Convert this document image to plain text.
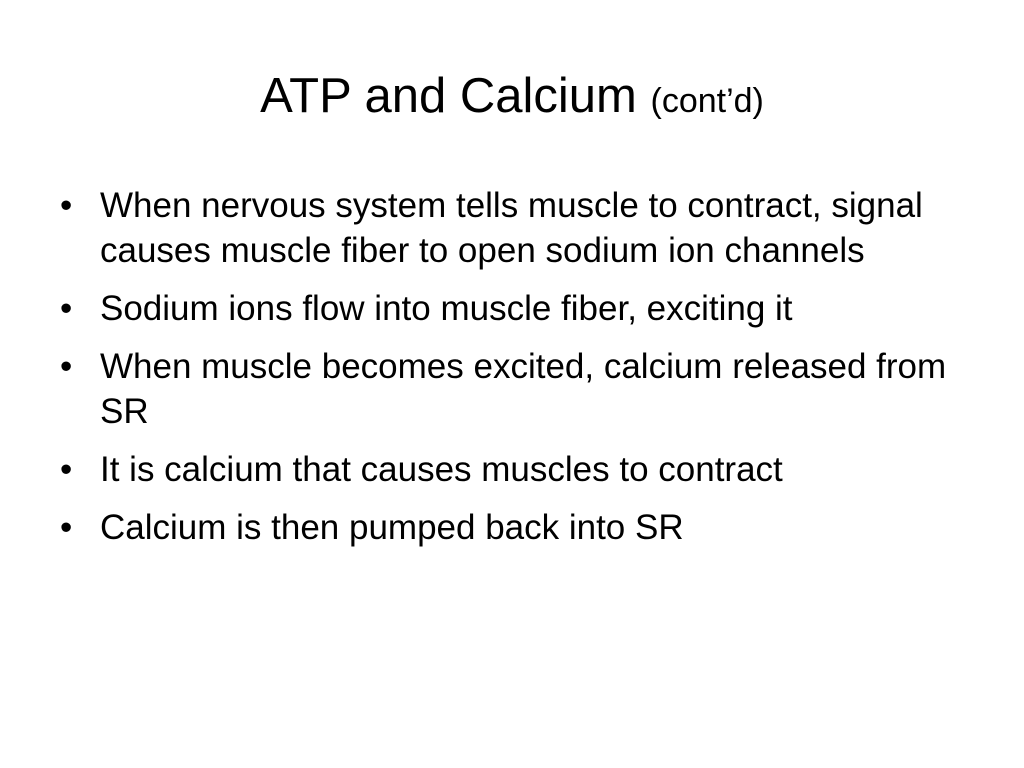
ATP and Calcium (cont’d)
• When nervous system tells muscle to contract, signal causes muscle fiber to open sodium ion channels
• Sodium ions flow into muscle fiber, exciting it
• When muscle becomes excited, calcium released from SR
• It is calcium that causes muscles to contract
• Calcium is then pumped back into SR
